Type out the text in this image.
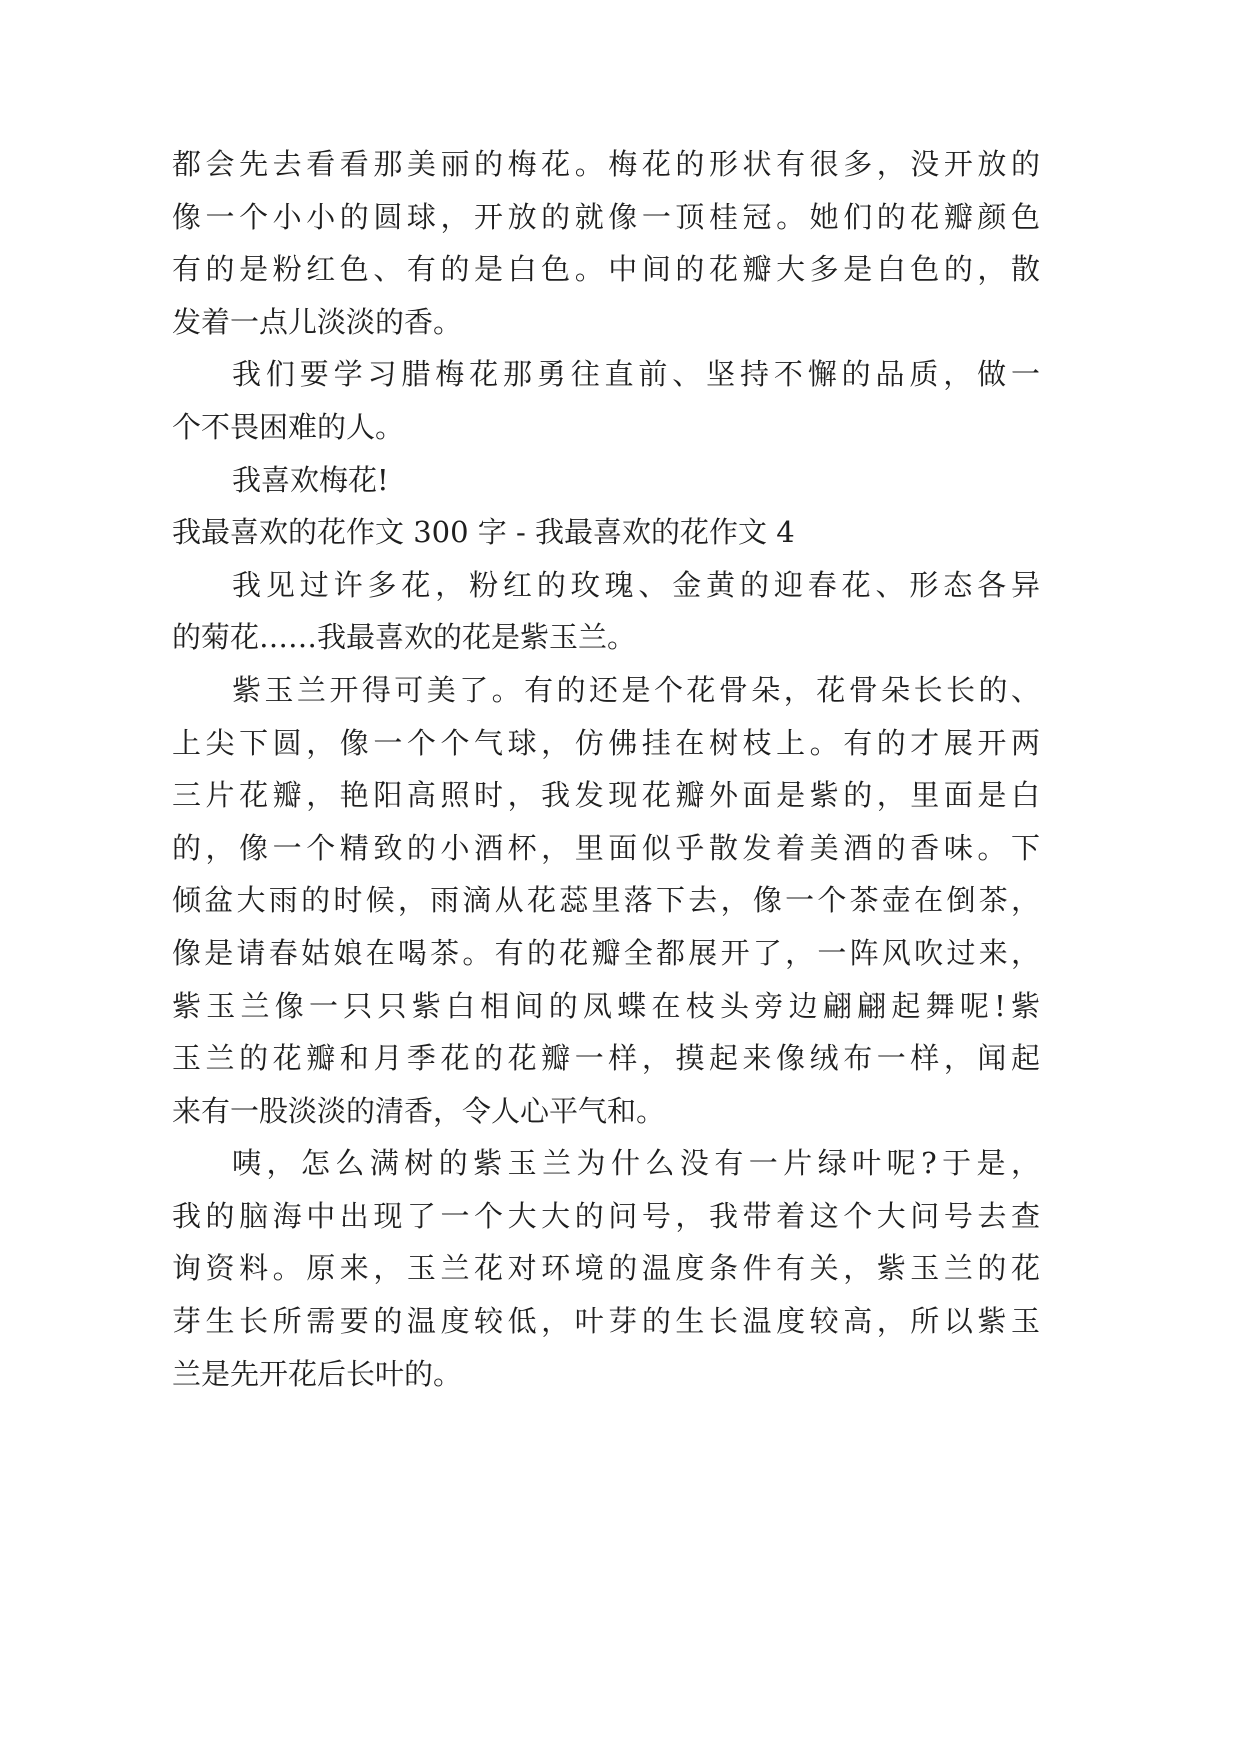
都会先去看看那美丽的梅花。梅花的形状有很多，没开放的
像一个小小的圆球，开放的就像一顶桂冠。她们的花瓣颜色
有的是粉红色、有的是白色。中间的花瓣大多是白色的，散
发着一点儿淡淡的香。

我们要学习腊梅花那勇往直前、坚持不懈的品质，做一
个不畏困难的人。

我喜欢梅花!

我最喜欢的花作文 300 字 - 我最喜欢的花作文 4

我见过许多花，粉红的玫瑰、金黄的迎春花、形态各异
的菊花……我最喜欢的花是紫玉兰。

紫玉兰开得可美了。有的还是个花骨朵，花骨朵长长的、
上尖下圆，像一个个气球，仿佛挂在树枝上。有的才展开两
三片花瓣，艳阳高照时，我发现花瓣外面是紫的，里面是白
的，像一个精致的小酒杯，里面似乎散发着美酒的香味。下
倾盆大雨的时候，雨滴从花蕊里落下去，像一个茶壶在倒茶，
像是请春姑娘在喝茶。有的花瓣全都展开了，一阵风吹过来，
紫玉兰像一只只紫白相间的凤蝶在枝头旁边翩翩起舞呢!紫
玉兰的花瓣和月季花的花瓣一样，摸起来像绒布一样，闻起
来有一股淡淡的清香，令人心平气和。

咦，怎么满树的紫玉兰为什么没有一片绿叶呢?于是，
我的脑海中出现了一个大大的问号，我带着这个大问号去查
询资料。原来，玉兰花对环境的温度条件有关，紫玉兰的花
芽生长所需要的温度较低，叶芽的生长温度较高，所以紫玉
兰是先开花后长叶的。
